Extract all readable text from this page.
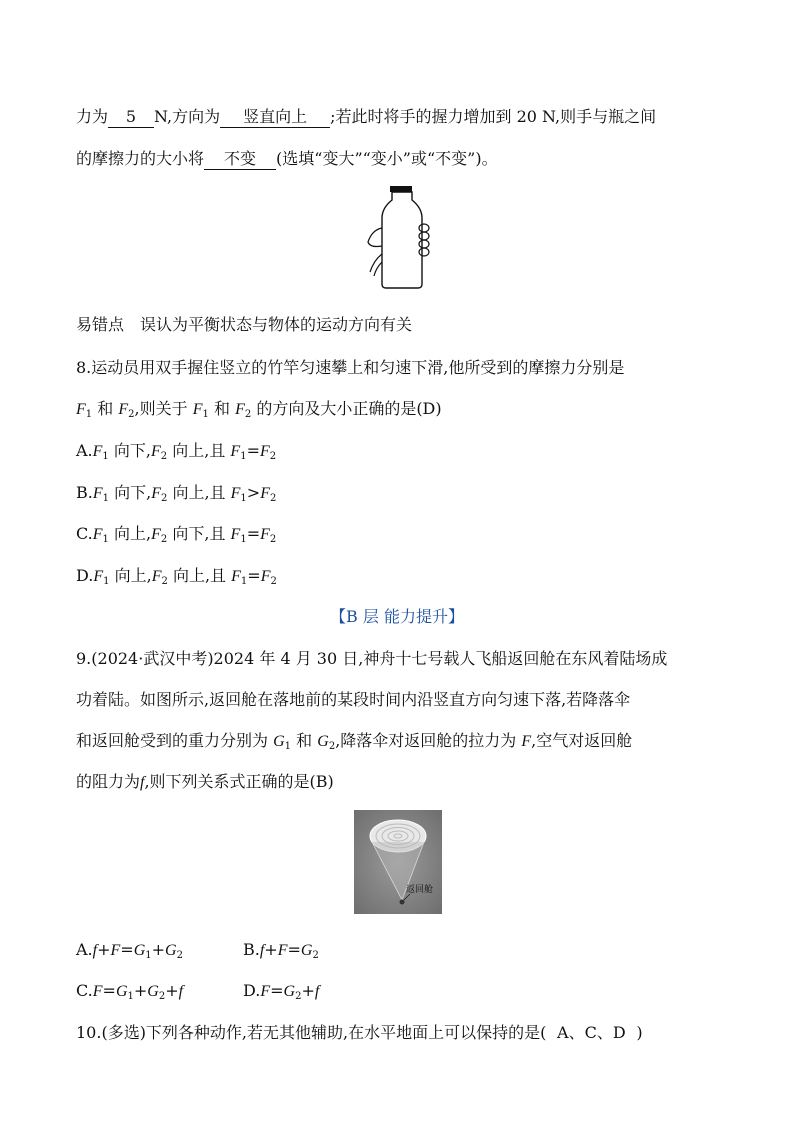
力为 5 N,方向为 竖直向上 ;若此时将手的握力增加到 20 N,则手与瓶之间
的摩擦力的大小将 不变 (选填“变大”“变小”或“不变”)。
易错点　误认为平衡状态与物体的运动方向有关
8.运动员用双手握住竖立的竹竿匀速攀上和匀速下滑,他所受到的摩擦力分别是
$F_1$ 和 $F_2$,则关于 $F_1$ 和 $F_2$ 的方向及大小正确的是(D)
$A.F_1$ 向下$,F_2$ 向上,且 $F_1=F_2$
$B.F_1$ 向下$,F_2$ 向上,且 $F_1>F_2$
$C.F_1$ 向上$,F_2$ 向下,且 $F_1=F_2$
$D.F_1$ 向上$,F_2$ 向上,且 $F_1=F_2$
【B 层 能力提升】
9.(2024·武汉中考)2024 年 4 月 30 日,神舟十七号载人飞船返回舱在东风着陆场成
功着陆。如图所示,返回舱在落地前的某段时间内沿竖直方向匀速下落,若降落伞
和返回舱受到的重力分别为 $G_1$ 和 $G_2$,降落伞对返回舱的拉力为 F,空气对返回舱
的阻力为f,则下列关系式正确的是(B)
返回舱
$A.f+F=G_1+G_2$	$B.f+F=G_2$
$C.F=G_1+G_2+f$	$D.F=G_2+f$
10.(多选)下列各种动作,若无其他辅助,在水平地面上可以保持的是( A、C、D )
